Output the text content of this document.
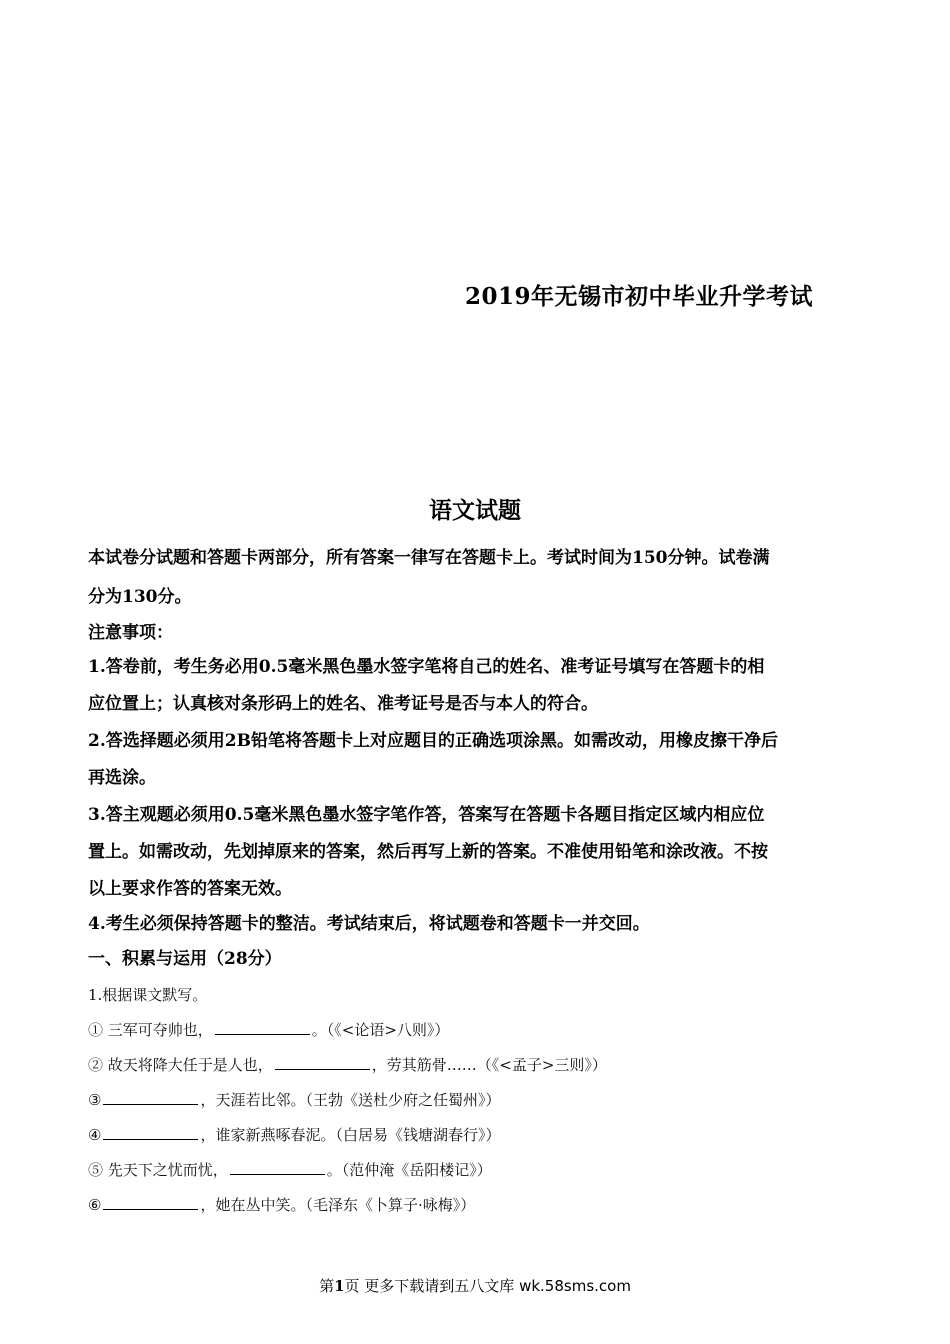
2019年无锡市初中毕业升学考试
语文试题
本试卷分试题和答题卡两部分，所有答案一律写在答题卡上。考试时间为150分钟。试卷满
分为130分。
注意事项：
1.答卷前，考生务必用0.5毫米黑色墨水签字笔将自己的姓名、准考证号填写在答题卡的相
应位置上；认真核对条形码上的姓名、准考证号是否与本人的符合。
2.答选择题必须用2B铅笔将答题卡上对应题目的正确选项涂黑。如需改动，用橡皮擦干净后
再选涂。
3.答主观题必须用0.5毫米黑色墨水签字笔作答，答案写在答题卡各题目指定区域内相应位
置上。如需改动，先划掉原来的答案，然后再写上新的答案。不准使用铅笔和涂改液。不按
以上要求作答的答案无效。
4.考生必须保持答题卡的整洁。考试结束后，将试题卷和答题卡一并交回。
一、积累与运用（28分）
1.根据课文默写。
① 三军可夺帅也，	。（《<论语>八则》）
② 故天将降大任于是人也，	，劳其筋骨……（《<孟子>三则》）
③	，天涯若比邻。（王勃《送杜少府之任蜀州》）
④	，谁家新燕啄春泥。（白居易《钱塘湖春行》）
⑤ 先天下之忧而忧，	。（范仲淹《岳阳楼记》）
⑥	，她在丛中笑。（毛泽东《卜算子·咏梅》）
第1页 更多下载请到五八文库 wk.58sms.com
